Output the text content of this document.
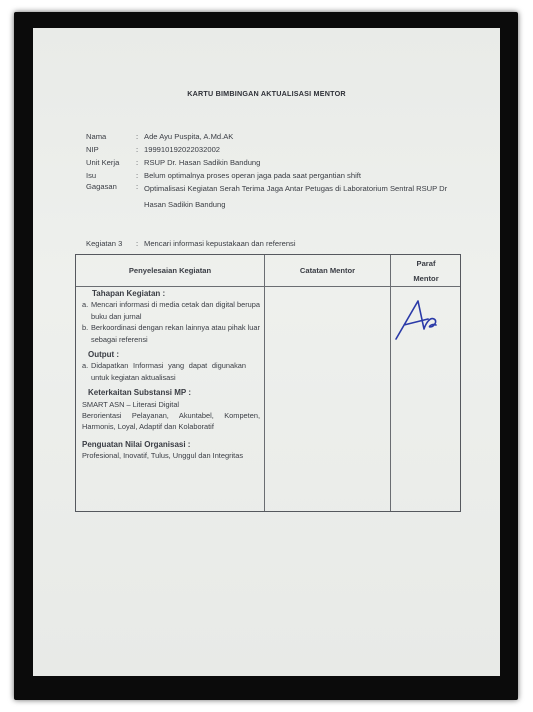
KARTU BIMBINGAN AKTUALISASI MENTOR
Nama	: Ade Ayu Puspita, A.Md.AK
NIP	: 199910192022032002
Unit Kerja	: RSUP Dr. Hasan Sadikin Bandung
Isu	: Belum optimalnya proses operan jaga pada saat pergantian shift
Gagasan	: Optimalisasi Kegiatan Serah Terima Jaga Antar Petugas di Laboratorium Sentral RSUP Dr Hasan Sadikin Bandung
Kegiatan 3	: Mencari informasi kepustakaan dan referensi
Penyelesaian Kegiatan	Catatan Mentor
Paraf
Mentor
Tahapan Kegiatan :
a. Mencari informasi di media cetak dan digital berupa buku dan jurnal
b. Berkoordinasi dengan rekan lainnya atau pihak luar sebagai referensi
Output :
a. Didapatkan Informasi yang dapat digunakan untuk kegiatan aktualisasi
Keterkaitan Substansi MP :
SMART ASN – Literasi Digital
Berorientasi Pelayanan, Akuntabel, Kompeten, Harmonis, Loyal, Adaptif dan Kolaboratif
Penguatan Nilai Organisasi :
Profesional, Inovatif, Tulus, Unggul dan Integritas
